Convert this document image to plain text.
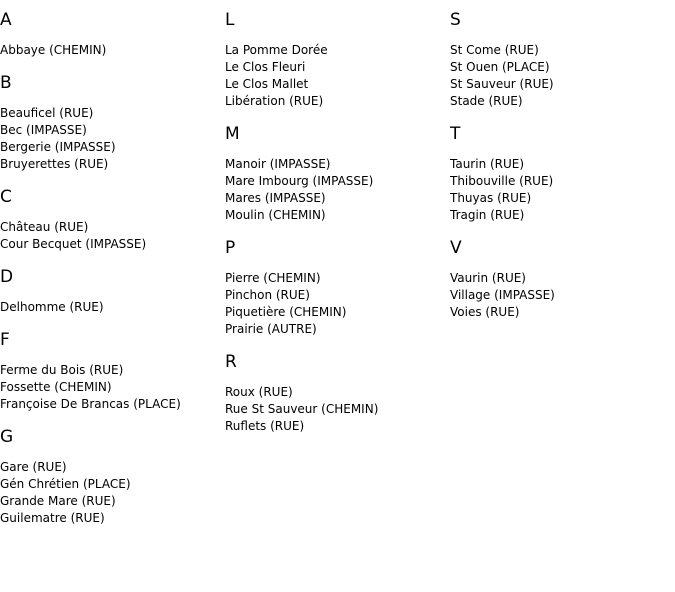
A
Abbaye (CHEMIN)
B
Beauficel (RUE)
Bec (IMPASSE)
Bergerie (IMPASSE)
Bruyerettes (RUE)
C
Château (RUE)
Cour Becquet (IMPASSE)
D
Delhomme (RUE)
F
Ferme du Bois (RUE)
Fossette (CHEMIN)
Françoise De Brancas (PLACE)
G
Gare (RUE)
Gén Chrétien (PLACE)
Grande Mare (RUE)
Guilematre (RUE)
L
La Pomme Dorée
Le Clos Fleuri
Le Clos Mallet
Libération (RUE)
M
Manoir (IMPASSE)
Mare Imbourg (IMPASSE)
Mares (IMPASSE)
Moulin (CHEMIN)
P
Pierre (CHEMIN)
Pinchon (RUE)
Piquetière (CHEMIN)
Prairie (AUTRE)
R
Roux (RUE)
Rue St Sauveur (CHEMIN)
Ruflets (RUE)
S
St Come (RUE)
St Ouen (PLACE)
St Sauveur (RUE)
Stade (RUE)
T
Taurin (RUE)
Thibouville (RUE)
Thuyas (RUE)
Tragin (RUE)
V
Vaurin (RUE)
Village (IMPASSE)
Voies (RUE)
